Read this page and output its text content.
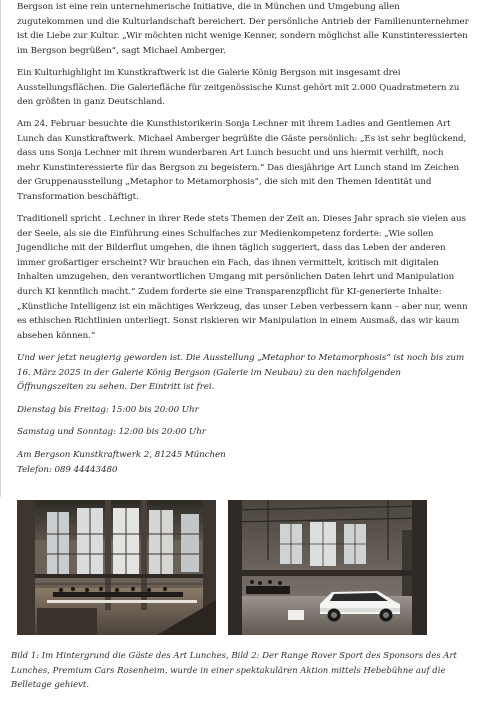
Bergson ist eine rein unternehmerische Initiative, die in München und Umgebung allen zugutekommen und die Kulturlandschaft bereichert. Der persönliche Antrieb der Familienunternehmer ist die Liebe zur Kultur. „Wir möchten nicht wenige Kenner, sondern möglichst alle Kunstinteressierten im Bergson begrüßen“, sagt Michael Amberger.

Ein Kulturhighlight im Kunstkraftwerk ist die Galerie König Bergson mit insgesamt drei Ausstellungsflächen. Die Galeriefläche für zeitgenössische Kunst gehört mit 2.000 Quadratmetern zu den größten in ganz Deutschland.

Am 24. Februar besuchte die Kunsthistorikerin Sonja Lechner mit ihrem Ladies and Gentlemen Art Lunch das Kunstkraftwerk. Michael Amberger begrüßte die Gäste persönlich: „Es ist sehr beglückend, dass uns Sonja Lechner mit ihrem wunderbaren Art Lunch besucht und uns hiermit verhilft, noch mehr Kunstinteressierte für das Bergson zu begeistern.“ Das diesjährige Art Lunch stand im Zeichen der Gruppenausstellung „Metaphor to Metamorphosis“, die sich mit den Themen Identität und Transformation beschäftigt.

Traditionell spricht . Lechner in ihrer Rede stets Themen der Zeit an. Dieses Jahr sprach sie vielen aus der Seele, als sie die Einführung eines Schulfaches zur Medienkompetenz forderte: „Wie sollen Jugendliche mit der Bilderflut umgehen, die ihnen täglich suggeriert, dass das Leben der anderen immer großartiger erscheint? Wir brauchen ein Fach, das ihnen vermittelt, kritisch mit digitalen Inhalten umzugehen, den verantwortlichen Umgang mit persönlichen Daten lehrt und Manipulation durch KI kenntlich macht.“ Zudem forderte sie eine Transparenzpflicht für KI-generierte Inhalte: „Künstliche Intelligenz ist ein mächtiges Werkzeug, das unser Leben verbessern kann – aber nur, wenn es ethischen Richtlinien unterliegt. Sonst riskieren wir Manipulation in einem Ausmaß, das wir kaum absehen können.“

Und wer jetzt neugierig geworden ist. Die Ausstellung „Metaphor to Metamorphosis“ ist noch bis zum 16. März 2025 in der Galerie König Bergson (Galerie im Neubau) zu den nachfolgenden Öffnungszeiten zu sehen. Der Eintritt ist frei.

Dienstag bis Freitag: 15:00 bis 20:00 Uhr

Samstag und Sonntag: 12:00 bis 20:00 Uhr

Am Bergson Kunstkraftwerk 2, 81245 München
Telefon: 089 44443480

Bild 1: Im Hintergrund die Gäste des Art Lunches, Bild 2: Der Range Rover Sport des Sponsors des Art Lunches, Premium Cars Rosenheim, wurde in einer spektakulären Aktion mittels Hebebühne auf die Belletage gehievt.
